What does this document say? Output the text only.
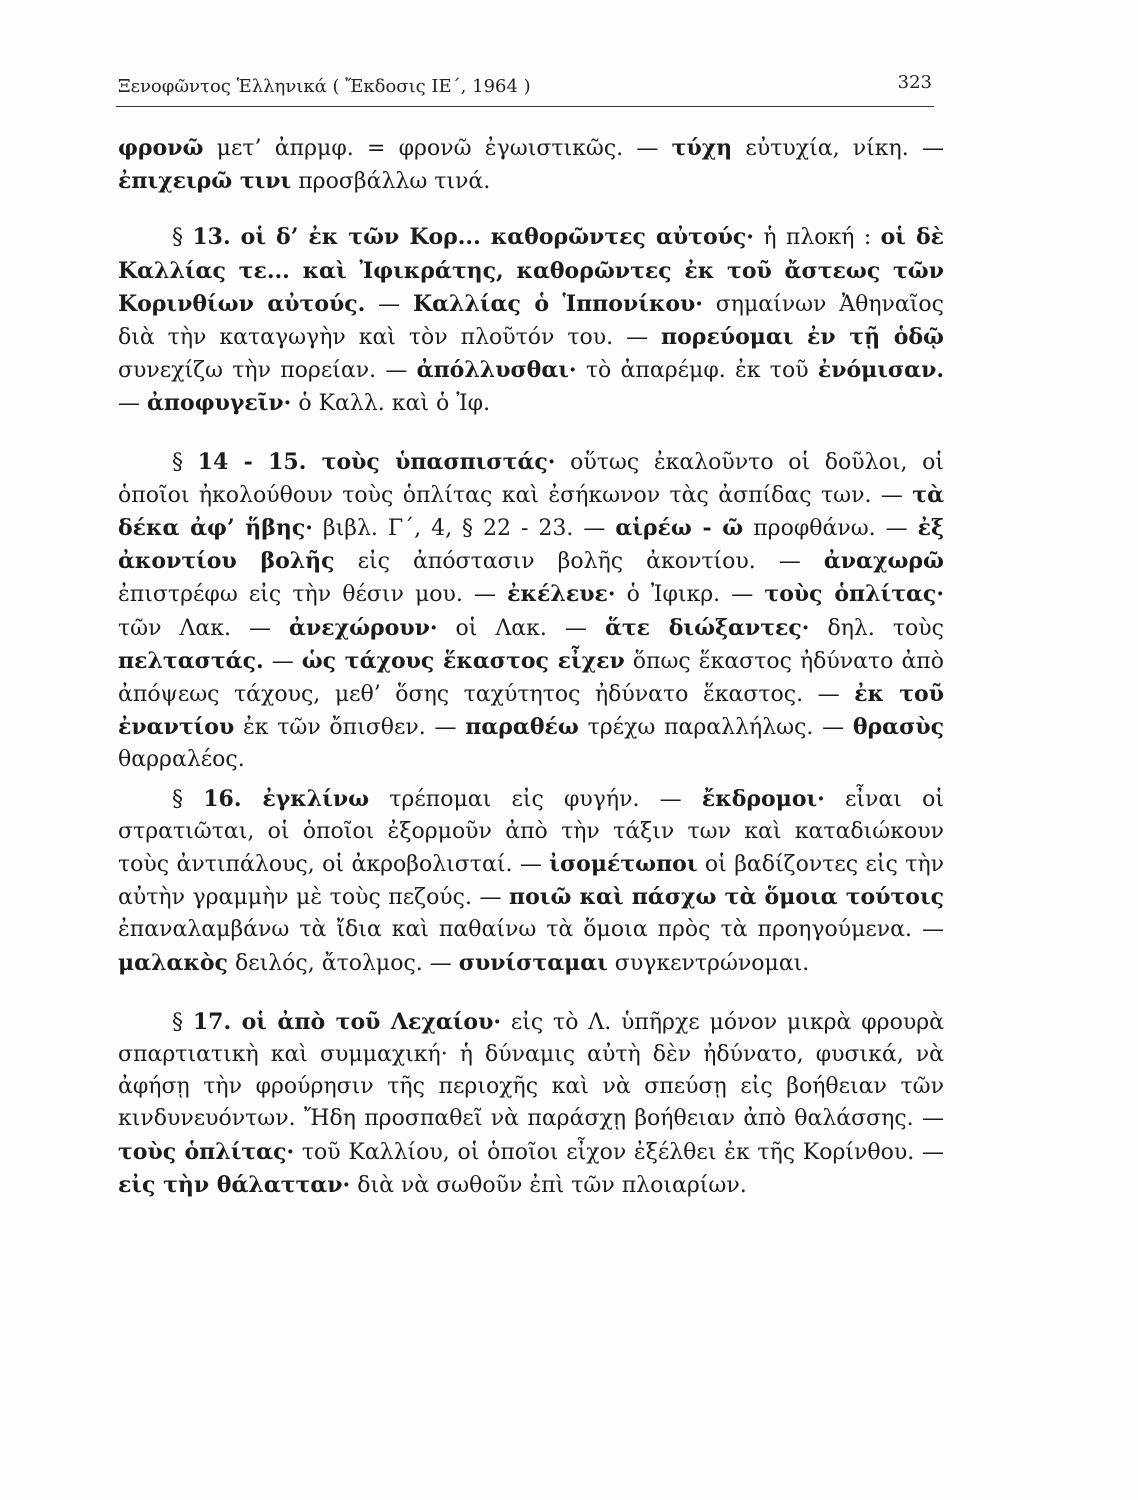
Ξενοφῶντος Ἑλληνικά ( Ἔκδοσις ΙΕ΄, 1964 )	323

φρονῶ μετ’ ἀπρμφ. = φρονῶ ἐγωιστικῶς. — τύχη εὐτυχία, νίκη. — ἐπιχειρῶ τινι προσβάλλω τινά.

§ 13. οἱ δ’ ἐκ τῶν Κορ... καθορῶντες αὐτούς· ἡ πλοκή : οἱ δὲ Καλλίας τε... καὶ Ἰφικράτης, καθορῶντες ἐκ τοῦ ἄστεως τῶν Κορινθίων αὐτούς. — Καλλίας ὁ Ἱππονίκου· σημαίνων Ἀθηναῖος διὰ τὴν καταγωγὴν καὶ τὸν πλοῦτόν του. — πορεύομαι ἐν τῇ ὁδῷ συνεχίζω τὴν πορείαν. — ἀπόλλυσθαι· τὸ ἀπαρέμφ. ἐκ τοῦ ἐνόμισαν. — ἀποφυγεῖν· ὁ Καλλ. καὶ ὁ Ἰφ.

§ 14 - 15. τοὺς ὑπασπιστάς· οὕτως ἐκαλοῦντο οἱ δοῦλοι, οἱ ὁποῖοι ἠκολούθουν τοὺς ὁπλίτας καὶ ἐσήκωνον τὰς ἀσπίδας των. — τὰ δέκα ἀφ’ ἥβης· βιβλ. Γ΄, 4, § 22 - 23. — αἱρέω - ῶ προφθάνω. — ἐξ ἀκοντίου βολῆς εἰς ἀπόστασιν βολῆς ἀκοντίου. — ἀναχωρῶ ἐπιστρέφω εἰς τὴν θέσιν μου. — ἐκέλευε· ὁ Ἰφικρ. — τοὺς ὁπλίτας· τῶν Λακ. — ἀνεχώρουν· οἱ Λακ. — ἅτε διώξαντες· δηλ. τοὺς πελταστάς. — ὡς τάχους ἕκαστος εἶχεν ὅπως ἕκαστος ἠδύνατο ἀπὸ ἀπόψεως τάχους, μεθ’ ὅσης ταχύτητος ἠδύνατο ἕκαστος. — ἐκ τοῦ ἐναντίου ἐκ τῶν ὄπισθεν. — παραθέω τρέχω παραλλήλως. — θρασὺς θαρραλέος.

§ 16. ἐγκλίνω τρέπομαι εἰς φυγήν. — ἔκδρομοι· εἶναι οἱ στρατιῶται, οἱ ὁποῖοι ἐξορμοῦν ἀπὸ τὴν τάξιν των καὶ καταδιώκουν τοὺς ἀντιπάλους, οἱ ἀκροβολισταί. — ἰσομέτωποι οἱ βαδίζοντες εἰς τὴν αὐτὴν γραμμὴν μὲ τοὺς πεζούς. — ποιῶ καὶ πάσχω τὰ ὅμοια τούτοις ἐπαναλαμβάνω τὰ ἴδια καὶ παθαίνω τὰ ὅμοια πρὸς τὰ προηγούμενα. — μαλακὸς δειλός, ἄτολμος. — συνίσταμαι συγκεντρώνομαι.

§ 17. οἱ ἀπὸ τοῦ Λεχαίου· εἰς τὸ Λ. ὑπῆρχε μόνον μικρὰ φρουρὰ σπαρτιατικὴ καὶ συμμαχική· ἡ δύναμις αὐτὴ δὲν ἠδύνατο, φυσικά, νὰ ἀφήσῃ τὴν φρούρησιν τῆς περιοχῆς καὶ νὰ σπεύσῃ εἰς βοήθειαν τῶν κινδυνευόντων. Ἤδη προσπαθεῖ νὰ παράσχῃ βοήθειαν ἀπὸ θαλάσσης. — τοὺς ὁπλίτας· τοῦ Καλλίου, οἱ ὁποῖοι εἶχον ἐξέλθει ἐκ τῆς Κορίνθου. — εἰς τὴν θάλατταν· διὰ νὰ σωθοῦν ἐπὶ τῶν πλοιαρίων.
